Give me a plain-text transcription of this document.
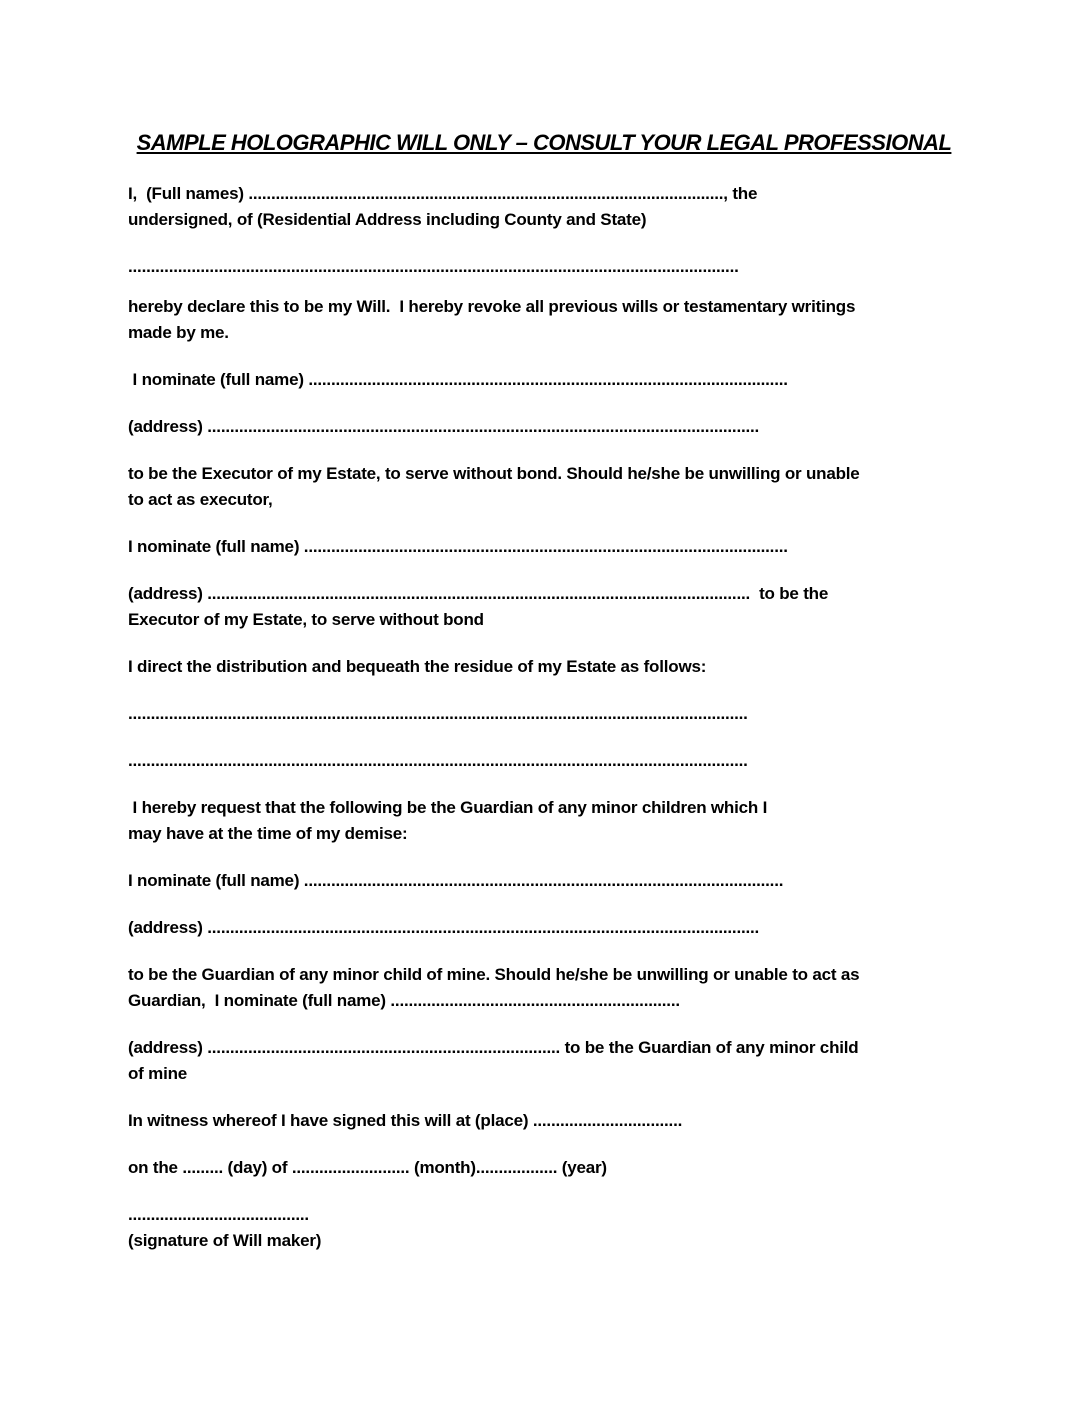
SAMPLE HOLOGRAPHIC WILL ONLY – CONSULT YOUR LEGAL PROFESSIONAL
I,  (Full names) ........................................................................................................., the
undersigned, of (Residential Address including County and State)
.......................................................................................................................................
hereby declare this to be my Will.  I hereby revoke all previous wills or testamentary writings
made by me.
I nominate (full name) ..........................................................................................................
(address) ..........................................................................................................................
to be the Executor of my Estate, to serve without bond. Should he/she be unwilling or unable
to act as executor,
I nominate (full name) ...........................................................................................................
(address) ........................................................................................................................  to be the
Executor of my Estate, to serve without bond
I direct the distribution and bequeath the residue of my Estate as follows:
.........................................................................................................................................
.........................................................................................................................................
I hereby request that the following be the Guardian of any minor children which I
may have at the time of my demise:
I nominate (full name) ..........................................................................................................
(address) ..........................................................................................................................
to be the Guardian of any minor child of mine. Should he/she be unwilling or unable to act as
Guardian,  I nominate (full name) ................................................................
(address) .............................................................................. to be the Guardian of any minor child
of mine
In witness whereof I have signed this will at (place) .................................
on the ......... (day) of .......................... (month).................. (year)
........................................
(signature of Will maker)
